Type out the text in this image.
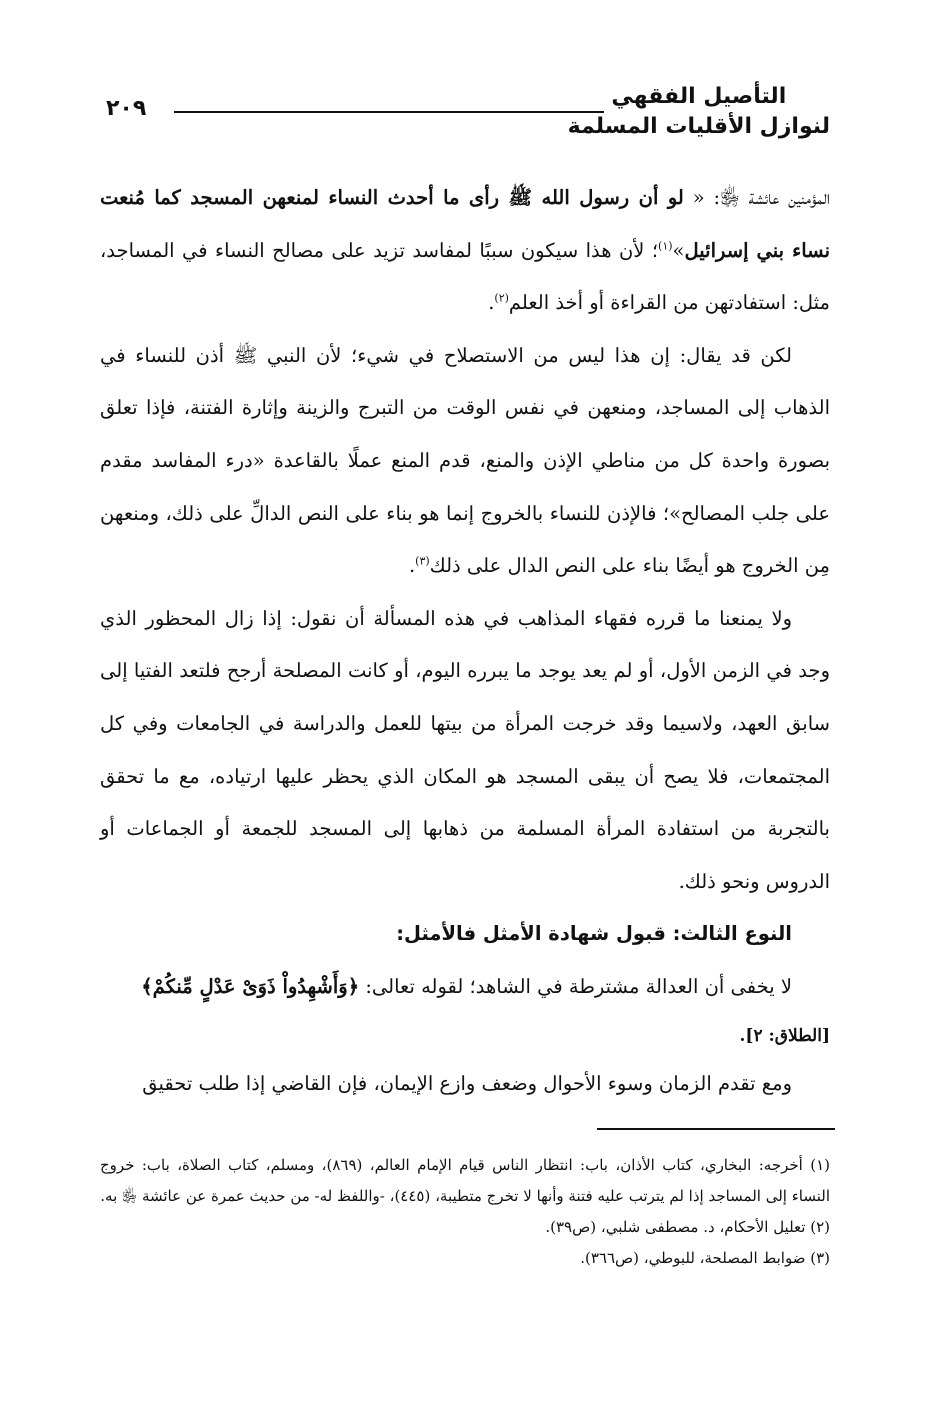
التأصيل الفقهي
لنوازل الأقليات المسلمة
٢٠٩

المؤمنين عائشة ﵂: « لو أن رسول الله ﷺ رأى ما أحدث النساء لمنعهن المسجد كما مُنعت نساء بني إسرائيل»$^{(١)}$؛ لأن هذا سيكون سببًا لمفاسد تزيد على مصالح النساء في المساجد، مثل: استفادتهن من القراءة أو أخذ العلم$^{(٢)}$.

لكن قد يقال: إن هذا ليس من الاستصلاح في شيء؛ لأن النبي ﷺ أذن للنساء في الذهاب إلى المساجد، ومنعهن في نفس الوقت من التبرج والزينة وإثارة الفتنة، فإذا تعلق بصورة واحدة كل من مناطي الإذن والمنع، قدم المنع عملًا بالقاعدة «درء المفاسد مقدم على جلب المصالح»؛ فالإذن للنساء بالخروج إنما هو بناء على النص الدالِّ على ذلك، ومنعهن مِن الخروج هو أيضًا بناء على النص الدال على ذلك$^{(٣)}$.

ولا يمنعنا ما قرره فقهاء المذاهب في هذه المسألة أن نقول: إذا زال المحظور الذي وجد في الزمن الأول، أو لم يعد يوجد ما يبرره اليوم، أو كانت المصلحة أرجح فلتعد الفتيا إلى سابق العهد، ولاسيما وقد خرجت المرأة من بيتها للعمل والدراسة في الجامعات وفي كل المجتمعات، فلا يصح أن يبقى المسجد هو المكان الذي يحظر عليها ارتياده، مع ما تحقق بالتجربة من استفادة المرأة المسلمة من ذهابها إلى المسجد للجمعة أو الجماعات أو الدروس ونحو ذلك.

النوع الثالث: قبول شهادة الأمثل فالأمثل:

لا يخفى أن العدالة مشترطة في الشاهد؛ لقوله تعالى: ﴿وَأَشْهِدُواْ ذَوَىْ عَدْلٍ مِّنكُمْ﴾

[الطلاق: ٢].

ومع تقدم الزمان وسوء الأحوال وضعف وازع الإيمان، فإن القاضي إذا طلب تحقيق

(١) أخرجه: البخاري، كتاب الأذان، باب: انتظار الناس قيام الإمام العالم، (٨٦٩)، ومسلم، كتاب الصلاة، باب: خروج النساء إلى المساجد إذا لم يترتب عليه فتنة وأنها لا تخرج متطيبة، (٤٤٥)، -واللفظ له- من حديث عمرة عن عائشة ﵂ به.

(٢) تعليل الأحكام، د. مصطفى شلبي، (ص٣٩).

(٣) ضوابط المصلحة، للبوطي، (ص٣٦٦).
